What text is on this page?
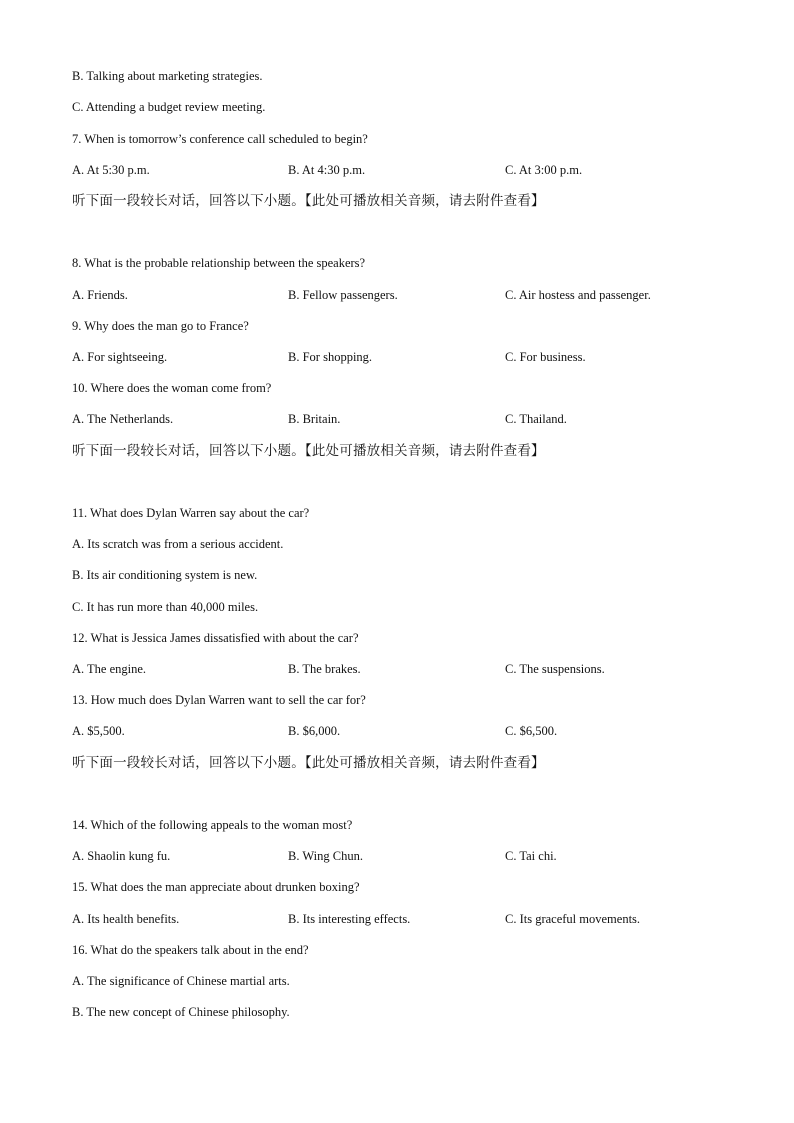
B. Talking about marketing strategies.
C. Attending a budget review meeting.
7. When is tomorrow’s conference call scheduled to begin?
A. At 5:30 p.m.	B. At 4:30 p.m.	C. At 3:00 p.m.
听下面一段较长对话，回答以下小题。【此处可播放相关音频，请去附件查看】
8. What is the probable relationship between the speakers?
A. Friends.	B. Fellow passengers.	C. Air hostess and passenger.
9. Why does the man go to France?
A. For sightseeing.	B. For shopping.	C. For business.
10. Where does the woman come from?
A. The Netherlands.	B. Britain.	C. Thailand.
听下面一段较长对话，回答以下小题。【此处可播放相关音频，请去附件查看】
11. What does Dylan Warren say about the car?
A. Its scratch was from a serious accident.
B. Its air conditioning system is new.
C. It has run more than 40,000 miles.
12. What is Jessica James dissatisfied with about the car?
A. The engine.	B. The brakes.	C. The suspensions.
13. How much does Dylan Warren want to sell the car for?
A. $5,500.	B. $6,000.	C. $6,500.
听下面一段较长对话，回答以下小题。【此处可播放相关音频，请去附件查看】
14. Which of the following appeals to the woman most?
A. Shaolin kung fu.	B. Wing Chun.	C. Tai chi.
15. What does the man appreciate about drunken boxing?
A. Its health benefits.	B. Its interesting effects.	C. Its graceful movements.
16. What do the speakers talk about in the end?
A. The significance of Chinese martial arts.
B. The new concept of Chinese philosophy.
